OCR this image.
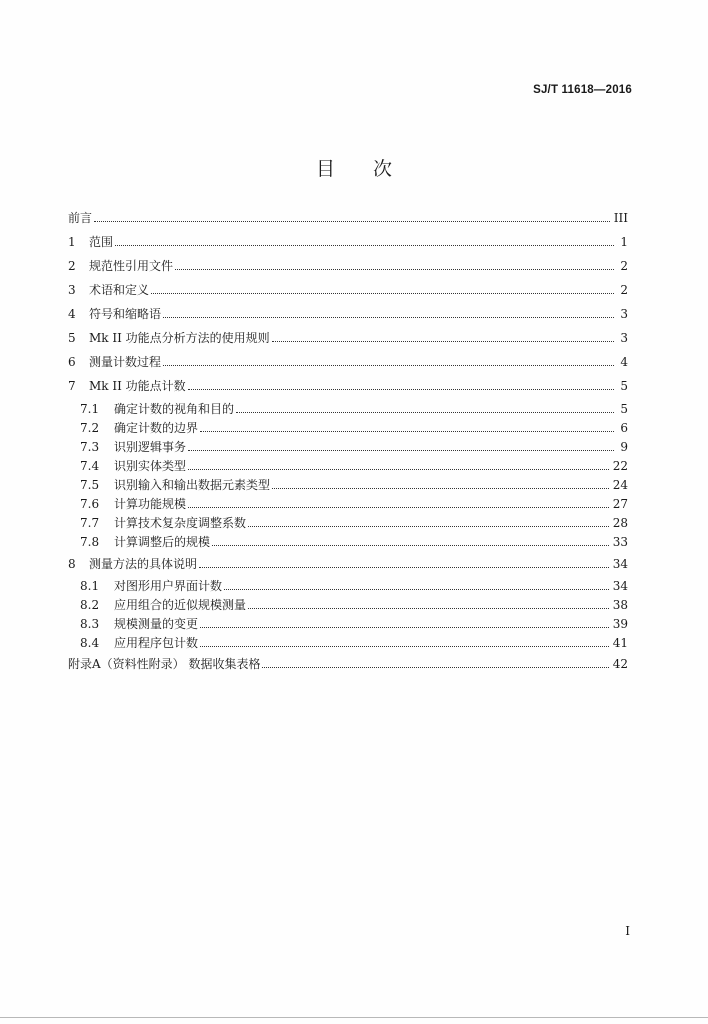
SJ/T 11618—2016
目次
前言	III
1	范围	1
2	规范性引用文件	2
3	术语和定义	2
4	符号和缩略语	3
5	Mk II 功能点分析方法的使用规则	3
6	测量计数过程	4
7	Mk II 功能点计数	5
7.1	确定计数的视角和目的	5
7.2	确定计数的边界	6
7.3	识别逻辑事务	9
7.4	识别实体类型	22
7.5	识别输入和输出数据元素类型	24
7.6	计算功能规模	27
7.7	计算技术复杂度调整系数	28
7.8	计算调整后的规模	33
8	测量方法的具体说明	34
8.1	对图形用户界面计数	34
8.2	应用组合的近似规模测量	38
8.3	规模测量的变更	39
8.4	应用程序包计数	41
附录A（资料性附录） 数据收集表格	42
I
